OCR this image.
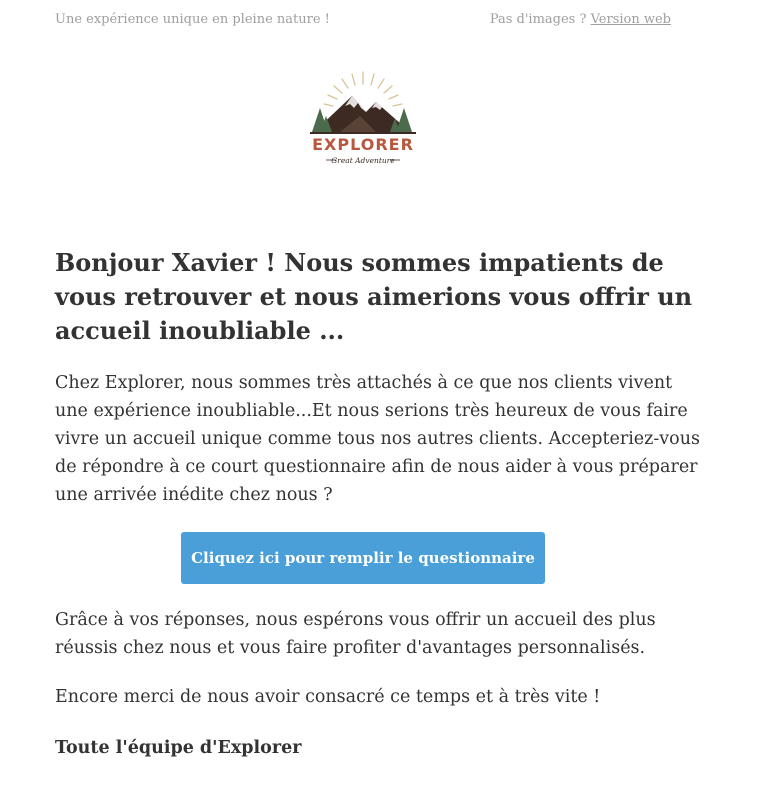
Une expérience unique en pleine nature !	Pas d'images ? Version web
EXPLORER
Great Adventure
Bonjour Xavier ! Nous sommes impatients de vous retrouver et nous aimerions vous offrir un accueil inoubliable ...

Chez Explorer, nous sommes très attachés à ce que nos clients vivent une expérience inoubliable...Et nous serions très heureux de vous faire vivre un accueil unique comme tous nos autres clients. Accepteriez-vous de répondre à ce court questionnaire afin de nous aider à vous préparer une arrivée inédite chez nous ?

Cliquez ici pour remplir le questionnaire

Grâce à vos réponses, nous espérons vous offrir un accueil des plus réussis chez nous et vous faire profiter d'avantages personnalisés.

Encore merci de nous avoir consacré ce temps et à très vite !

Toute l'équipe d'Explorer
